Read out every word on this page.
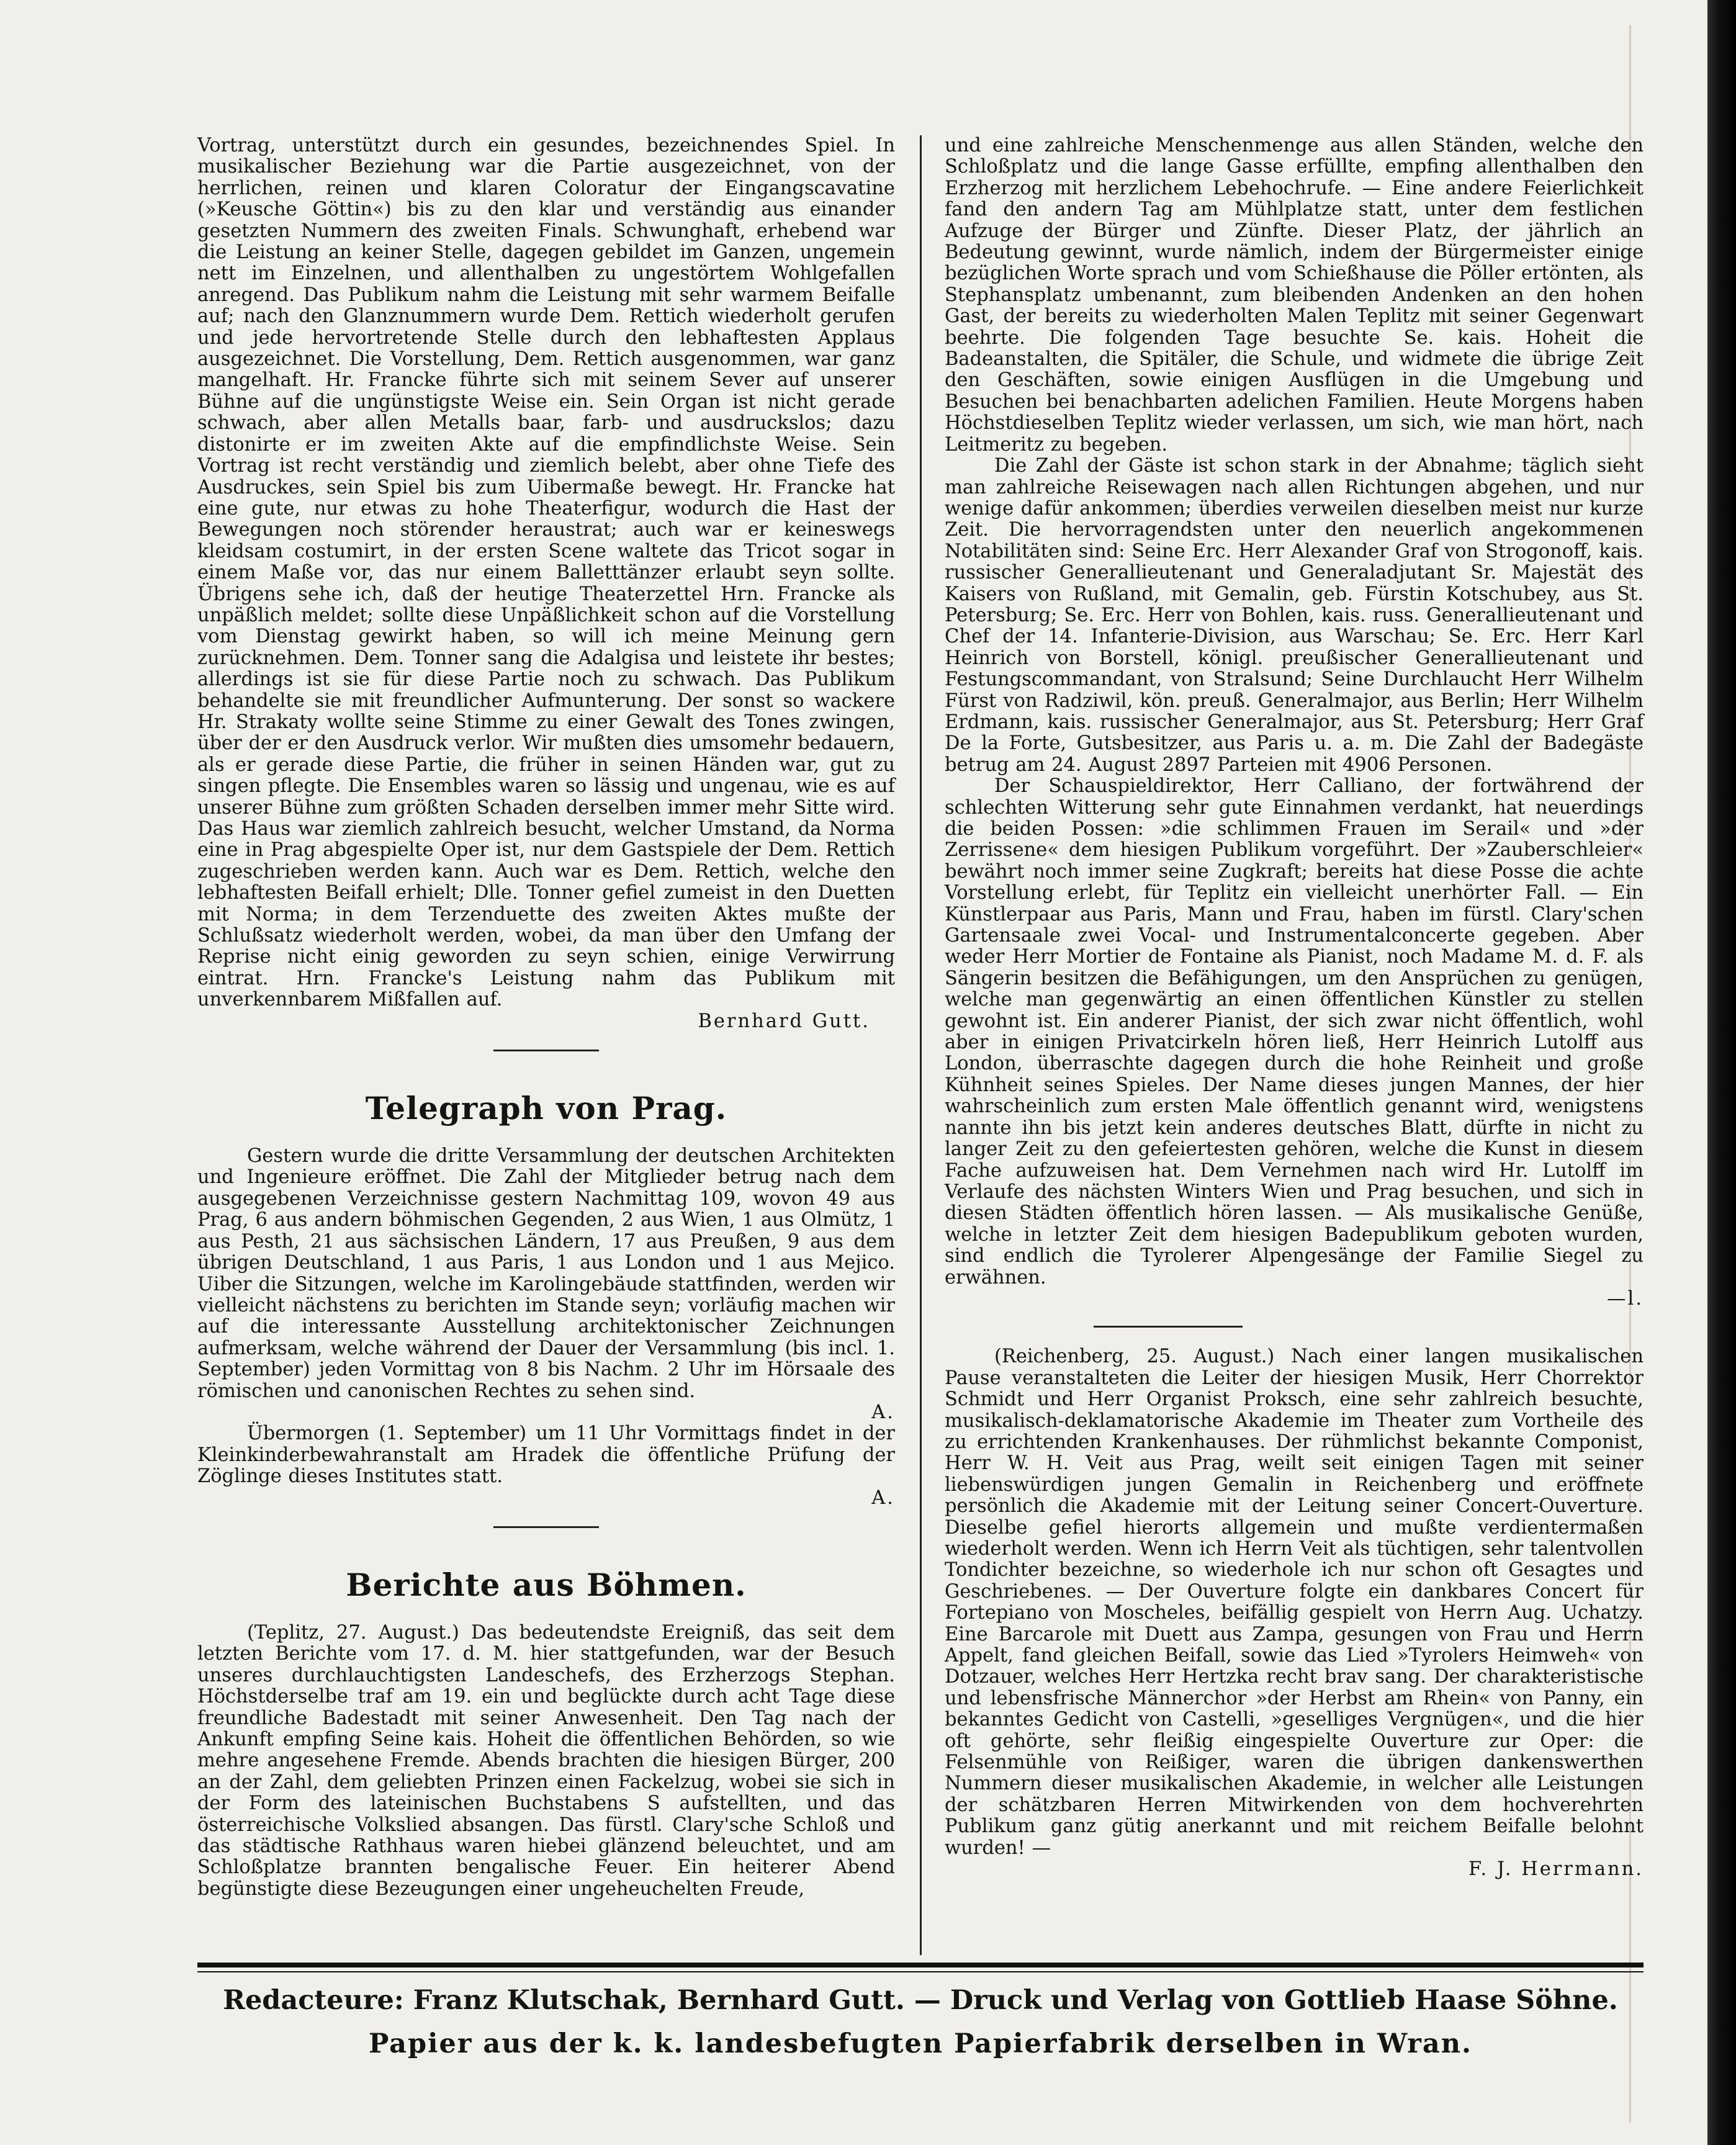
Vortrag, unterstützt durch ein gesundes, bezeichnendes Spiel. In musikalischer Beziehung war die Partie ausgezeichnet, von der herrlichen, reinen und klaren Coloratur der Eingangscavatine (»Keusche Göttin«) bis zu den klar und verständig aus einander gesetzten Nummern des zweiten Finals. Schwunghaft, erhebend war die Leistung an keiner Stelle, dagegen gebildet im Ganzen, ungemein nett im Einzelnen, und allenthalben zu ungestörtem Wohlgefallen anregend. Das Publikum nahm die Leistung mit sehr warmem Beifalle auf; nach den Glanznummern wurde Dem. Rettich wiederholt gerufen und jede hervortretende Stelle durch den lebhaftesten Applaus ausgezeichnet. Die Vorstellung, Dem. Rettich ausgenommen, war ganz mangelhaft. Hr. Francke führte sich mit seinem Sever auf unserer Bühne auf die ungünstigste Weise ein. Sein Organ ist nicht gerade schwach, aber allen Metalls baar, farb- und ausdruckslos; dazu distonirte er im zweiten Akte auf die empfindlichste Weise. Sein Vortrag ist recht verständig und ziemlich belebt, aber ohne Tiefe des Ausdruckes, sein Spiel bis zum Uibermaße bewegt. Hr. Francke hat eine gute, nur etwas zu hohe Theaterfigur, wodurch die Hast der Bewegungen noch störender heraustrat; auch war er keineswegs kleidsam costumirt, in der ersten Scene waltete das Tricot sogar in einem Maße vor, das nur einem Balletttänzer erlaubt seyn sollte. Übrigens sehe ich, daß der heutige Theaterzettel Hrn. Francke als unpäßlich meldet; sollte diese Unpäßlichkeit schon auf die Vorstellung vom Dienstag gewirkt haben, so will ich meine Meinung gern zurücknehmen. Dem. Tonner sang die Adalgisa und leistete ihr bestes; allerdings ist sie für diese Partie noch zu schwach. Das Publikum behandelte sie mit freundlicher Aufmunterung. Der sonst so wackere Hr. Strakaty wollte seine Stimme zu einer Gewalt des Tones zwingen, über der er den Ausdruck verlor. Wir mußten dies umsomehr bedauern, als er gerade diese Partie, die früher in seinen Händen war, gut zu singen pflegte. Die Ensembles waren so lässig und ungenau, wie es auf unserer Bühne zum größten Schaden derselben immer mehr Sitte wird. Das Haus war ziemlich zahlreich besucht, welcher Umstand, da Norma eine in Prag abgespielte Oper ist, nur dem Gastspiele der Dem. Rettich zugeschrieben werden kann. Auch war es Dem. Rettich, welche den lebhaftesten Beifall erhielt; Dlle. Tonner gefiel zumeist in den Duetten mit Norma; in dem Terzenduette des zweiten Aktes mußte der Schlußsatz wiederholt werden, wobei, da man über den Umfang der Reprise nicht einig geworden zu seyn schien, einige Verwirrung eintrat. Hrn. Francke's Leistung nahm das Publikum mit unverkennbarem Mißfallen auf.

Bernhard Gutt.

Telegraph von Prag.

Gestern wurde die dritte Versammlung der deutschen Architekten und Ingenieure eröffnet. Die Zahl der Mitglieder betrug nach dem ausgegebenen Verzeichnisse gestern Nachmittag 109, wovon 49 aus Prag, 6 aus andern böhmischen Gegenden, 2 aus Wien, 1 aus Olmütz, 1 aus Pesth, 21 aus sächsischen Ländern, 17 aus Preußen, 9 aus dem übrigen Deutschland, 1 aus Paris, 1 aus London und 1 aus Mejico. Uiber die Sitzungen, welche im Karolingebäude stattfinden, werden wir vielleicht nächstens zu berichten im Stande seyn; vorläufig machen wir auf die interessante Ausstellung architektonischer Zeichnungen aufmerksam, welche während der Dauer der Versammlung (bis incl. 1. September) jeden Vormittag von 8 bis Nachm. 2 Uhr im Hörsaale des römischen und canonischen Rechtes zu sehen sind.

A.

Übermorgen (1. September) um 11 Uhr Vormittags findet in der Kleinkinderbewahranstalt am Hradek die öffentliche Prüfung der Zöglinge dieses Institutes statt.

A.

Berichte aus Böhmen.

(Teplitz, 27. August.) Das bedeutendste Ereigniß, das seit dem letzten Berichte vom 17. d. M. hier stattgefunden, war der Besuch unseres durchlauchtigsten Landeschefs, des Erzherzogs Stephan. Höchstderselbe traf am 19. ein und beglückte durch acht Tage diese freundliche Badestadt mit seiner Anwesenheit. Den Tag nach der Ankunft empfing Seine kais. Hoheit die öffentlichen Behörden, so wie mehre angesehene Fremde. Abends brachten die hiesigen Bürger, 200 an der Zahl, dem geliebten Prinzen einen Fackelzug, wobei sie sich in der Form des lateinischen Buchstabens S aufstellten, und das österreichische Volkslied absangen. Das fürstl. Clary'sche Schloß und das städtische Rathhaus waren hiebei glänzend beleuchtet, und am Schloßplatze brannten bengalische Feuer. Ein heiterer Abend begünstigte diese Bezeugungen einer ungeheuchelten Freude,

und eine zahlreiche Menschenmenge aus allen Ständen, welche den Schloßplatz und die lange Gasse erfüllte, empfing allenthalben den Erzherzog mit herzlichem Lebehochrufe. — Eine andere Feierlichkeit fand den andern Tag am Mühlplatze statt, unter dem festlichen Aufzuge der Bürger und Zünfte. Dieser Platz, der jährlich an Bedeutung gewinnt, wurde nämlich, indem der Bürgermeister einige bezüglichen Worte sprach und vom Schießhause die Pöller ertönten, als Stephansplatz umbenannt, zum bleibenden Andenken an den hohen Gast, der bereits zu wiederholten Malen Teplitz mit seiner Gegenwart beehrte. Die folgenden Tage besuchte Se. kais. Hoheit die Badeanstalten, die Spitäler, die Schule, und widmete die übrige Zeit den Geschäften, sowie einigen Ausflügen in die Umgebung und Besuchen bei benachbarten adelichen Familien. Heute Morgens haben Höchstdieselben Teplitz wieder verlassen, um sich, wie man hört, nach Leitmeritz zu begeben.

Die Zahl der Gäste ist schon stark in der Abnahme; täglich sieht man zahlreiche Reisewagen nach allen Richtungen abgehen, und nur wenige dafür ankommen; überdies verweilen dieselben meist nur kurze Zeit. Die hervorragendsten unter den neuerlich angekommenen Notabilitäten sind: Seine Erc. Herr Alexander Graf von Strogonoff, kais. russischer Generallieutenant und Generaladjutant Sr. Majestät des Kaisers von Rußland, mit Gemalin, geb. Fürstin Kotschubey, aus St. Petersburg; Se. Erc. Herr von Bohlen, kais. russ. Generallieutenant und Chef der 14. Infanterie-Division, aus Warschau; Se. Erc. Herr Karl Heinrich von Borstell, königl. preußischer Generallieutenant und Festungscommandant, von Stralsund; Seine Durchlaucht Herr Wilhelm Fürst von Radziwil, kön. preuß. Generalmajor, aus Berlin; Herr Wilhelm Erdmann, kais. russischer Generalmajor, aus St. Petersburg; Herr Graf De la Forte, Gutsbesitzer, aus Paris u. a. m. Die Zahl der Badegäste betrug am 24. August 2897 Parteien mit 4906 Personen.

Der Schauspieldirektor, Herr Calliano, der fortwährend der schlechten Witterung sehr gute Einnahmen verdankt, hat neuerdings die beiden Possen: »die schlimmen Frauen im Serail« und »der Zerrissene« dem hiesigen Publikum vorgeführt. Der »Zauberschleier« bewährt noch immer seine Zugkraft; bereits hat diese Posse die achte Vorstellung erlebt, für Teplitz ein vielleicht unerhörter Fall. — Ein Künstlerpaar aus Paris, Mann und Frau, haben im fürstl. Clary'schen Gartensaale zwei Vocal- und Instrumentalconcerte gegeben. Aber weder Herr Mortier de Fontaine als Pianist, noch Madame M. d. F. als Sängerin besitzen die Befähigungen, um den Ansprüchen zu genügen, welche man gegenwärtig an einen öffentlichen Künstler zu stellen gewohnt ist. Ein anderer Pianist, der sich zwar nicht öffentlich, wohl aber in einigen Privatcirkeln hören ließ, Herr Heinrich Lutolff aus London, überraschte dagegen durch die hohe Reinheit und große Kühnheit seines Spieles. Der Name dieses jungen Mannes, der hier wahrscheinlich zum ersten Male öffentlich genannt wird, wenigstens nannte ihn bis jetzt kein anderes deutsches Blatt, dürfte in nicht zu langer Zeit zu den gefeiertesten gehören, welche die Kunst in diesem Fache aufzuweisen hat. Dem Vernehmen nach wird Hr. Lutolff im Verlaufe des nächsten Winters Wien und Prag besuchen, und sich in diesen Städten öffentlich hören lassen. — Als musikalische Genüße, welche in letzter Zeit dem hiesigen Badepublikum geboten wurden, sind endlich die Tyrolerer Alpengesänge der Familie Siegel zu erwähnen.

—l.

(Reichenberg, 25. August.) Nach einer langen musikalischen Pause veranstalteten die Leiter der hiesigen Musik, Herr Chorrektor Schmidt und Herr Organist Proksch, eine sehr zahlreich besuchte, musikalisch-deklamatorische Akademie im Theater zum Vortheile des zu errichtenden Krankenhauses. Der rühmlichst bekannte Componist, Herr W. H. Veit aus Prag, weilt seit einigen Tagen mit seiner liebenswürdigen jungen Gemalin in Reichenberg und eröffnete persönlich die Akademie mit der Leitung seiner Concert-Ouverture. Dieselbe gefiel hierorts allgemein und mußte verdientermaßen wiederholt werden. Wenn ich Herrn Veit als tüchtigen, sehr talentvollen Tondichter bezeichne, so wiederhole ich nur schon oft Gesagtes und Geschriebenes. — Der Ouverture folgte ein dankbares Concert für Fortepiano von Moscheles, beifällig gespielt von Herrn Aug. Uchatzy. Eine Barcarole mit Duett aus Zampa, gesungen von Frau und Herrn Appelt, fand gleichen Beifall, sowie das Lied »Tyrolers Heimweh« von Dotzauer, welches Herr Hertzka recht brav sang. Der charakteristische und lebensfrische Männerchor »der Herbst am Rhein« von Panny, ein bekanntes Gedicht von Castelli, »geselliges Vergnügen«, und die hier oft gehörte, sehr fleißig eingespielte Ouverture zur Oper: die Felsenmühle von Reißiger, waren die übrigen dankenswerthen Nummern dieser musikalischen Akademie, in welcher alle Leistungen der schätzbaren Herren Mitwirkenden von dem hochverehrten Publikum ganz gütig anerkannt und mit reichem Beifalle belohnt wurden! —

F. J. Herrmann.

Redacteure: Franz Klutschak, Bernhard Gutt. — Druck und Verlag von Gottlieb Haase Söhne.
Papier aus der k. k. landesbefugten Papierfabrik derselben in Wran.
